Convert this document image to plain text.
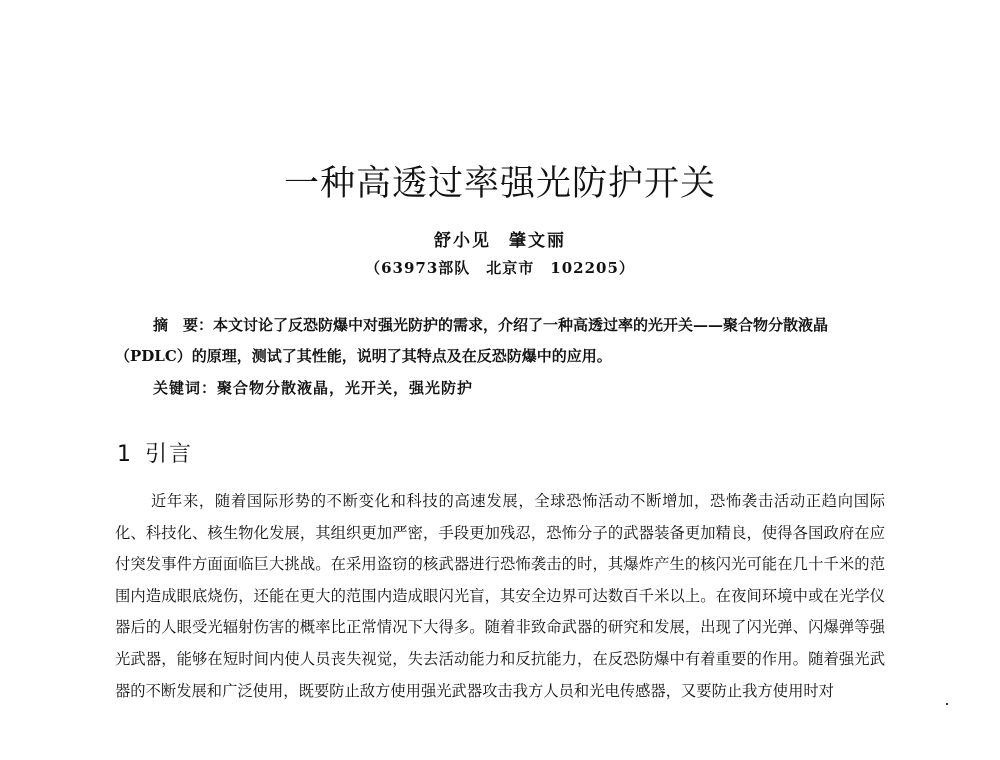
一种高透过率强光防护开关
舒小见 肇文丽
（63973部队　北京市　102205）

摘　要：本文讨论了反恐防爆中对强光防护的需求，介绍了一种高透过率的光开关——聚合物分散液晶（PDLC）的原理，测试了其性能，说明了其特点及在反恐防爆中的应用。

关键词：聚合物分散液晶，光开关，强光防护
1 引言

近年来，随着国际形势的不断变化和科技的高速发展，全球恐怖活动不断增加，恐怖袭击活动正趋向国际化、科技化、核生物化发展，其组织更加严密，手段更加残忍，恐怖分子的武器装备更加精良，使得各国政府在应付突发事件方面面临巨大挑战。在采用盗窃的核武器进行恐怖袭击的时，其爆炸产生的核闪光可能在几十千米的范围内造成眼底烧伤，还能在更大的范围内造成眼闪光盲，其安全边界可达数百千米以上。在夜间环境中或在光学仪器后的人眼受光辐射伤害的概率比正常情况下大得多。随着非致命武器的研究和发展，出现了闪光弹、闪爆弹等强光武器，能够在短时间内使人员丧失视觉，失去活动能力和反抗能力，在反恐防爆中有着重要的作用。随着强光武器的不断发展和广泛使用，既要防止敌方使用强光武器攻击我方人员和光电传感器，又要防止我方使用时对
